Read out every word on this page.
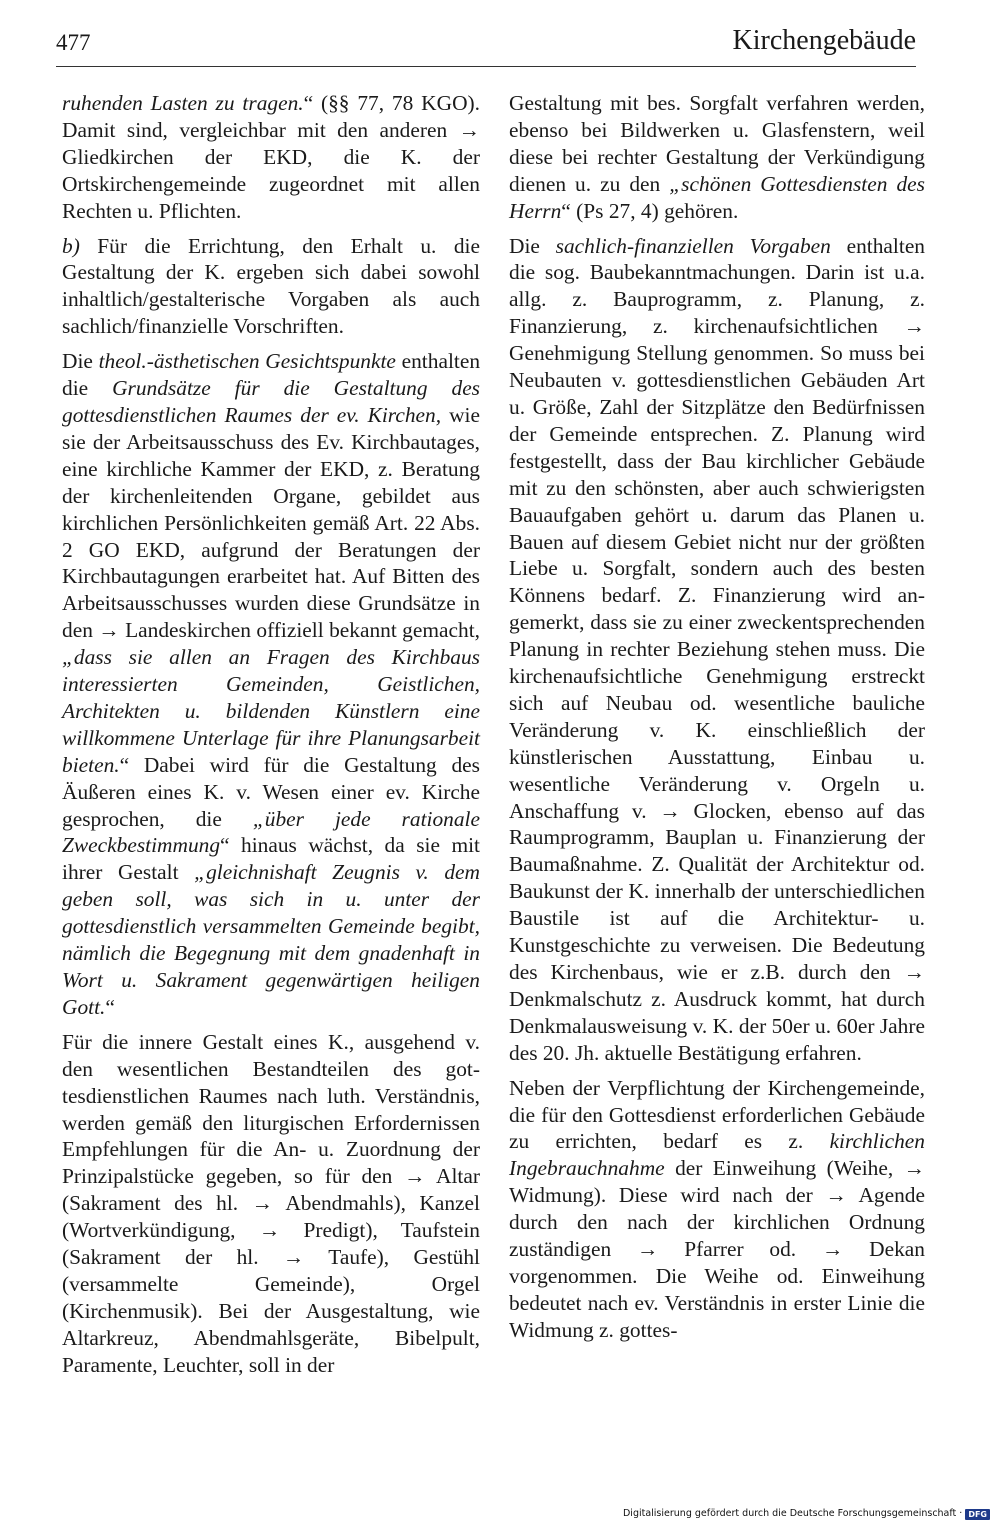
477	Kirchengebäude

ruhenden Lasten zu tragen.“ (§§ 77, 78 KGO). Damit sind, vergleichbar mit den anderen → Gliedkirchen der EKD, die K. der Ortskirchengemeinde zugeordnet mit allen Rechten u. Pflichten.

b) Für die Errichtung, den Erhalt u. die Gestaltung der K. ergeben sich dabei sowohl inhaltlich/gestalterische Vorgaben als auch sachlich/finanzielle Vorschriften.

Die theol.-ästhetischen Gesichtspunkte enthalten die Grundsätze für die Gestaltung des gottesdienstlichen Raumes der ev. Kirchen, wie sie der Arbeitsausschuss des Ev. Kirchbautages, eine kirchliche Kammer der EKD, z. Beratung der kirchenleitenden Organe, gebildet aus kirchlichen Persönlichkeiten gemäß Art. 22 Abs. 2 GO EKD, aufgrund der Beratungen der Kirchbautagungen erarbeitet hat. Auf Bitten des Arbeitsausschusses wurden diese Grundsätze in den → Landeskirchen offiziell bekannt gemacht, „dass sie allen an Fragen des Kirchbaus interessierten Gemeinden, Geistlichen, Architekten u. bildenden Künstlern eine willkommene Unterlage für ihre Planungsarbeit bieten.“ Dabei wird für die Gestaltung des Äußeren eines K. v. Wesen einer ev. Kirche gesprochen, die „über jede rationale Zweckbestimmung“ hinaus wächst, da sie mit ihrer Gestalt „gleichnishaft Zeugnis v. dem geben soll, was sich in u. unter der gottesdienstlich versammelten Gemeinde begibt, nämlich die Begegnung mit dem gnadenhaft in Wort u. Sakrament gegenwärtigen heiligen Gott.“

Für die innere Gestalt eines K., ausgehend v. den wesentlichen Bestandteilen des gottesdienstlichen Raumes nach luth. Verständnis, werden gemäß den liturgischen Erfordernissen Empfehlungen für die An- u. Zuordnung der Prinzipalstücke gegeben, so für den → Altar (Sakrament des hl. → Abendmahls), Kanzel (Wortverkündigung, → Predigt), Taufstein (Sakrament der hl. → Taufe), Gestühl (versammelte Gemeinde), Orgel (Kirchenmusik). Bei der Ausgestaltung, wie Altarkreuz, Abendmahlsgeräte, Bibelpult, Paramente, Leuchter, soll in der

Gestaltung mit bes. Sorgfalt verfahren werden, ebenso bei Bildwerken u. Glasfenstern, weil diese bei rechter Gestaltung der Verkündigung dienen u. zu den „schönen Gottesdiensten des Herrn“ (Ps 27, 4) gehören.

Die sachlich-finanziellen Vorgaben enthalten die sog. Baubekanntmachungen. Darin ist u.a. allg. z. Bauprogramm, z. Planung, z. Finanzierung, z. kirchenaufsichtlichen → Genehmigung Stellung genommen. So muss bei Neubauten v. gottesdienstlichen Gebäuden Art u. Größe, Zahl der Sitzplätze den Bedürfnissen der Gemeinde entsprechen. Z. Planung wird festgestellt, dass der Bau kirchlicher Gebäude mit zu den schönsten, aber auch schwierigsten Bauaufgaben gehört u. darum das Planen u. Bauen auf diesem Gebiet nicht nur der größten Liebe u. Sorgfalt, sondern auch des besten Könnens bedarf. Z. Finanzierung wird angemerkt, dass sie zu einer zweckentsprechenden Planung in rechter Beziehung stehen muss. Die kirchenaufsichtliche Genehmigung erstreckt sich auf Neubau od. wesentliche bauliche Veränderung v. K. einschließlich der künstlerischen Ausstattung, Einbau u. wesentliche Veränderung v. Orgeln u. Anschaffung v. → Glocken, ebenso auf das Raumprogramm, Bauplan u. Finanzierung der Baumaßnahme. Z. Qualität der Architektur od. Baukunst der K. innerhalb der unterschiedlichen Baustile ist auf die Architektur- u. Kunstgeschichte zu verweisen. Die Bedeutung des Kirchenbaus, wie er z.B. durch den → Denkmalschutz z. Ausdruck kommt, hat durch Denkmalausweisung v. K. der 50er u. 60er Jahre des 20. Jh. aktuelle Bestätigung erfahren.

Neben der Verpflichtung der Kirchengemeinde, die für den Gottesdienst erforderlichen Gebäude zu errichten, bedarf es z. kirchlichen Ingebrauchnahme der Einweihung (Weihe, → Widmung). Diese wird nach der → Agende durch den nach der kirchlichen Ordnung zuständigen → Pfarrer od. → Dekan vorgenommen. Die Weihe od. Einweihung bedeutet nach ev. Verständnis in erster Linie die Widmung z. gottes-

Digitalisierung gefördert durch die Deutsche Forschungsgemeinschaft · DFG
